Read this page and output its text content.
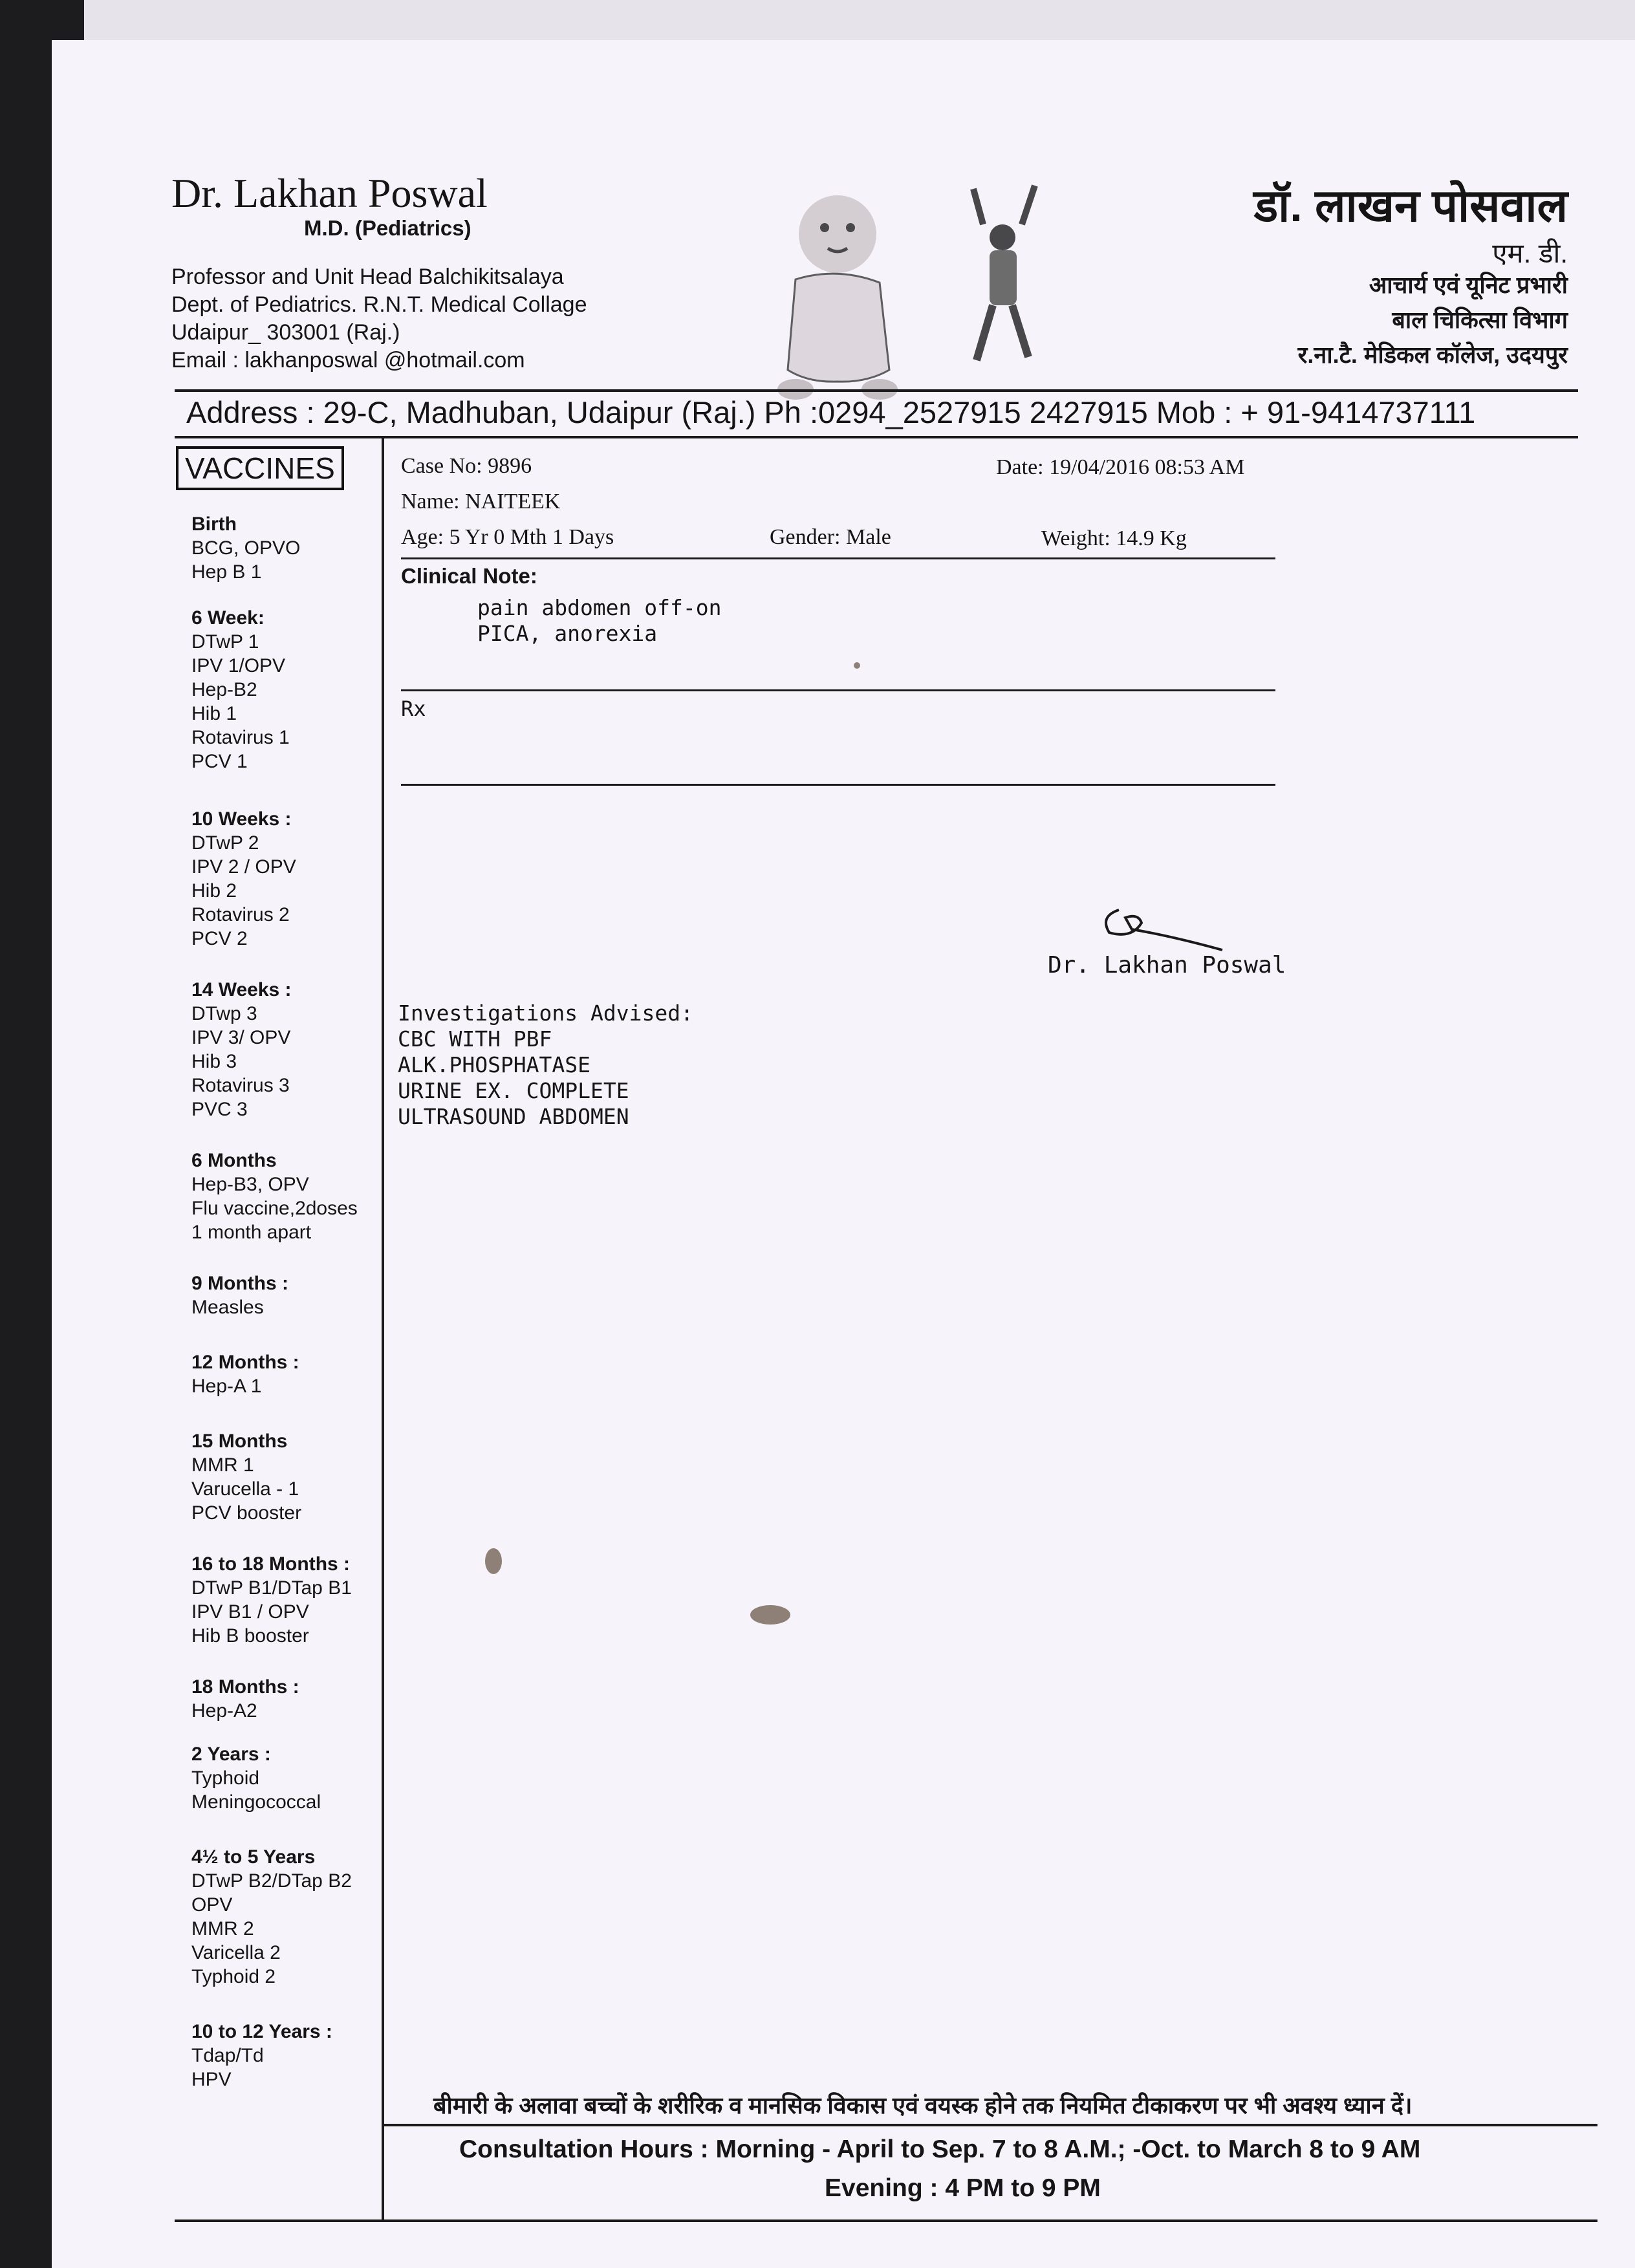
Dr. Lakhan Poswal
M.D. (Pediatrics)
Professor and Unit Head Balchikitsalaya
Dept. of Pediatrics. R.N.T. Medical Collage
Udaipur_ 303001 (Raj.)
Email : lakhanposwal @hotmail.com
डॉ. लाखन पोसवाल
एम. डी.
आचार्य एवं यूनिट प्रभारी
बाल चिकित्सा विभाग
र.ना.टै. मेडिकल कॉलेज, उदयपुर
Address : 29-C, Madhuban, Udaipur (Raj.) Ph :0294_2527915 2427915 Mob : + 91-9414737111
VACCINES
Birth
BCG, OPVO
Hep B 1
6 Week:
DTwP 1
IPV 1/OPV
Hep-B2
Hib 1
Rotavirus 1
PCV 1
10 Weeks :
DTwP 2
IPV 2 / OPV
Hib 2
Rotavirus 2
PCV 2
14 Weeks :
DTwp 3
IPV 3/ OPV
Hib 3
Rotavirus 3
PVC 3
6 Months
Hep-B3, OPV
Flu vaccine,2doses
1 month apart
9 Months :
Measles
12 Months :
Hep-A 1
15 Months
MMR 1
Varucella - 1
PCV booster
16 to 18 Months :
DTwP B1/DTap B1
IPV B1 / OPV
Hib B booster
18 Months :
Hep-A2
2 Years :
Typhoid
Meningococcal
4½ to 5 Years
DTwP B2/DTap B2
OPV
MMR 2
Varicella 2
Typhoid 2
10 to 12 Years :
Tdap/Td
HPV
Case No: 9896	Date: 19/04/2016 08:53 AM
Name: NAITEEK
Age: 5 Yr 0 Mth 1 Days	Gender: Male	Weight: 14.9 Kg
Clinical Note:
pain abdomen off-on
PICA, anorexia
Rx
Dr. Lakhan Poswal
Investigations Advised:
CBC WITH PBF
ALK.PHOSPHATASE
URINE EX. COMPLETE
ULTRASOUND ABDOMEN
बीमारी के अलावा बच्चों के शरीरिक व मानसिक विकास एवं वयस्क होने तक नियमित टीकाकरण पर भी अवश्य ध्यान दें।
Consultation Hours : Morning - April to Sep. 7 to 8 A.M.; -Oct. to March 8 to 9 AM
Evening : 4 PM to 9 PM
